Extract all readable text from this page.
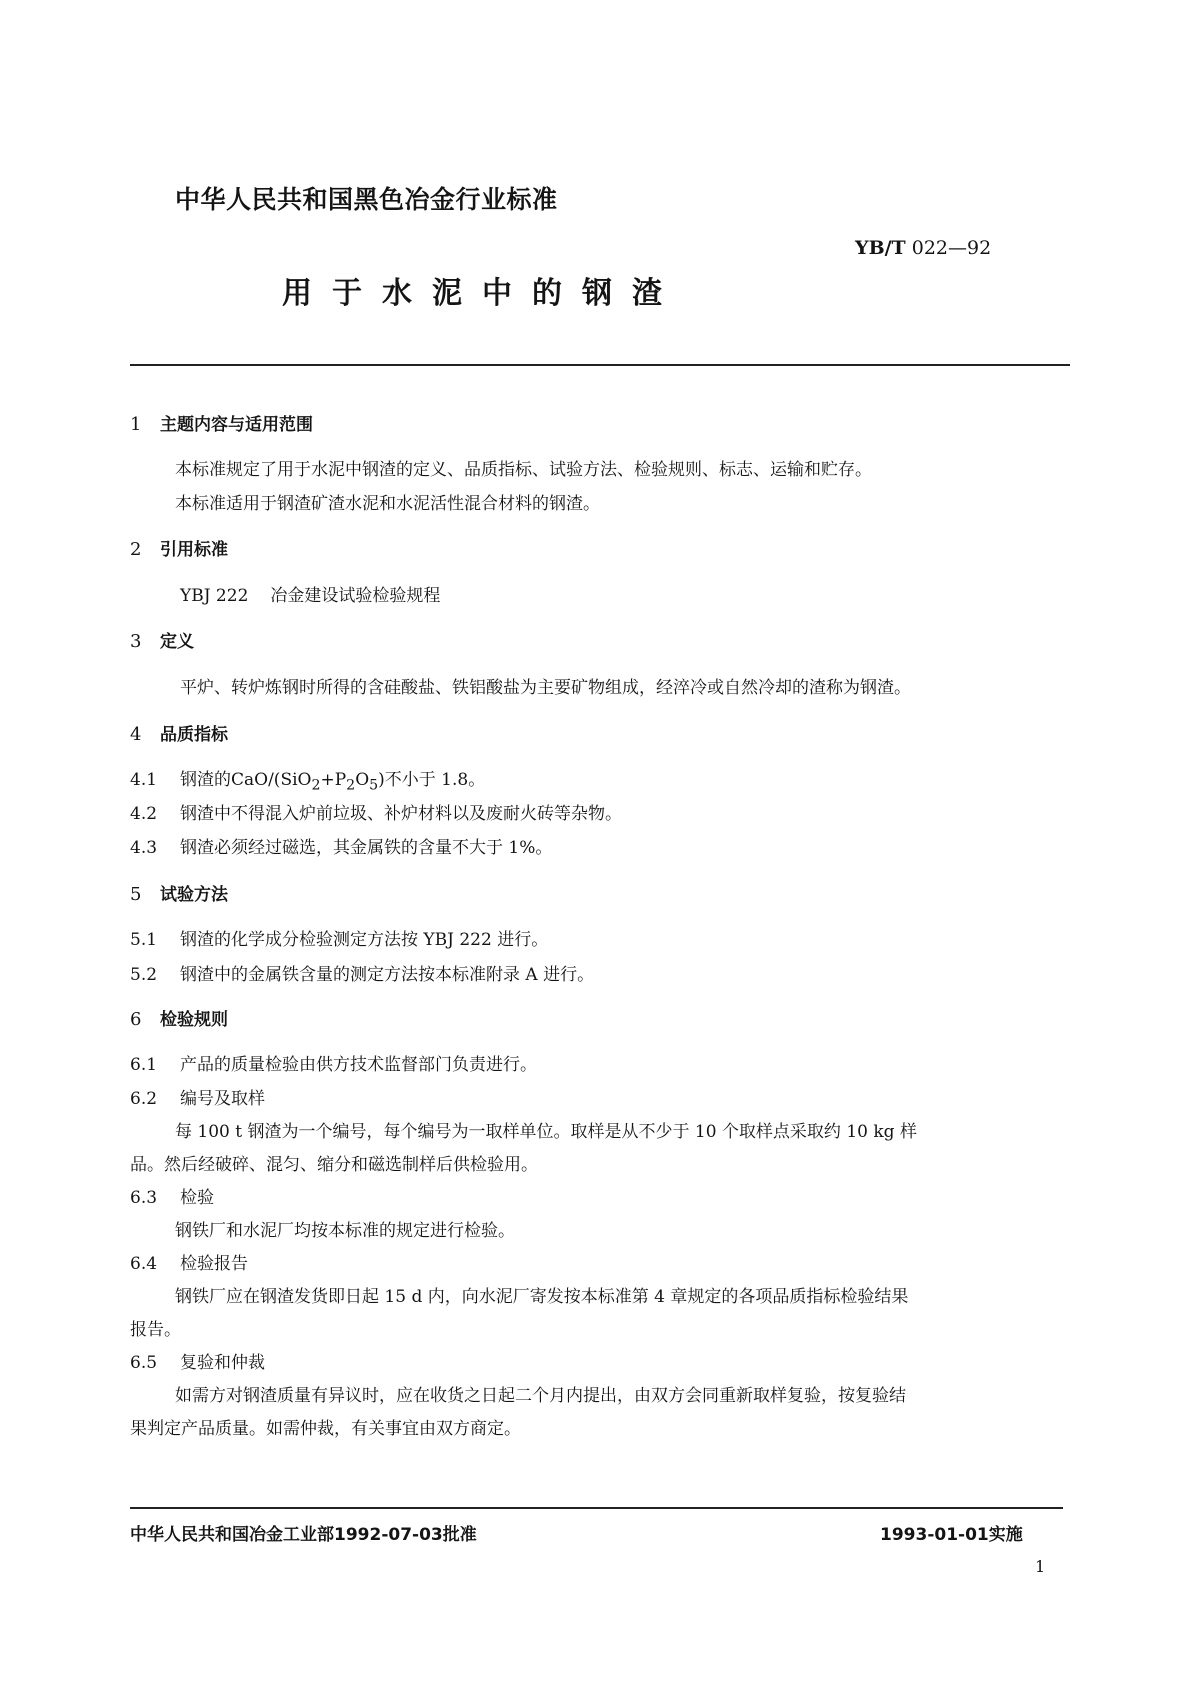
中华人民共和国黑色冶金行业标准
YB/T 022—92
用于水泥中的钢渣
1 主题内容与适用范围
本标准规定了用于水泥中钢渣的定义、品质指标、试验方法、检验规则、标志、运输和贮存。
本标准适用于钢渣矿渣水泥和水泥活性混合材料的钢渣。
2 引用标准
YBJ 222 冶金建设试验检验规程
3 定义
平炉、转炉炼钢时所得的含硅酸盐、铁铝酸盐为主要矿物组成，经淬冷或自然冷却的渣称为钢渣。
4 品质指标
4.1 钢渣的CaO/$(SiO_2+P_2O_5)$不小于 1.8。
4.2 钢渣中不得混入炉前垃圾、补炉材料以及废耐火砖等杂物。
4.3 钢渣必须经过磁选，其金属铁的含量不大于 1%。
5 试验方法
5.1 钢渣的化学成分检验测定方法按 YBJ 222 进行。
5.2 钢渣中的金属铁含量的测定方法按本标准附录 A 进行。
6 检验规则
6.1 产品的质量检验由供方技术监督部门负责进行。
6.2 编号及取样
每 100 t 钢渣为一个编号，每个编号为一取样单位。取样是从不少于 10 个取样点采取约 10 kg 样
品。然后经破碎、混匀、缩分和磁选制样后供检验用。
6.3 检验
钢铁厂和水泥厂均按本标准的规定进行检验。
6.4 检验报告
钢铁厂应在钢渣发货即日起 15 d 内，向水泥厂寄发按本标准第 4 章规定的各项品质指标检验结果
报告。
6.5 复验和仲裁
如需方对钢渣质量有异议时，应在收货之日起二个月内提出，由双方会同重新取样复验，按复验结
果判定产品质量。如需仲裁，有关事宜由双方商定。
中华人民共和国冶金工业部1992-07-03批准	1993-01-01实施
1
